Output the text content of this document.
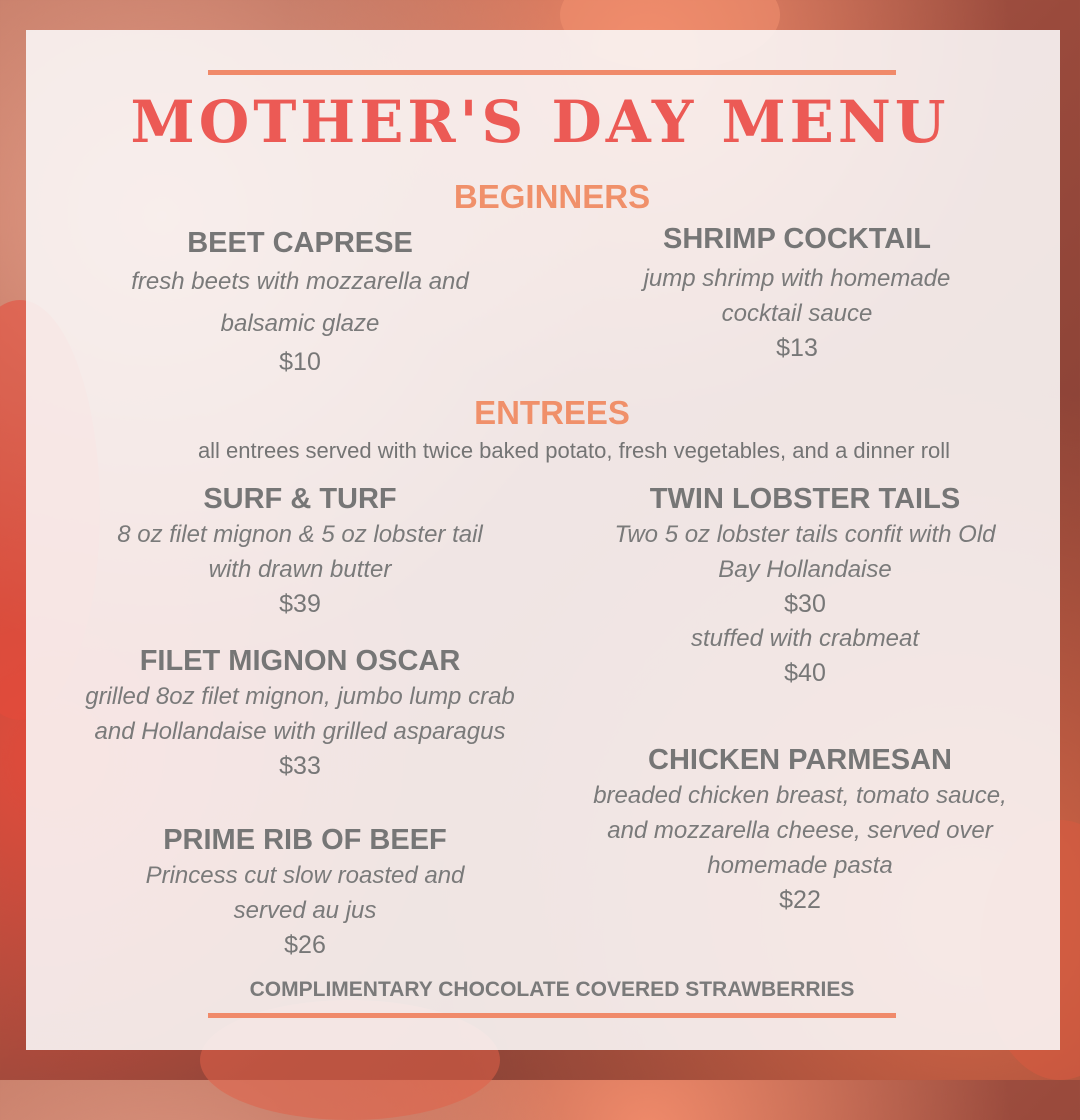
MOTHER'S DAY MENU
BEGINNERS
BEET CAPRESE
fresh beets with mozzarella and
balsamic glaze
$10
SHRIMP COCKTAIL
jump shrimp with homemade
cocktail sauce
$13
ENTREES
all entrees served with twice baked potato, fresh vegetables, and a dinner roll
SURF & TURF
8 oz filet mignon & 5 oz lobster tail
with drawn butter
$39
TWIN LOBSTER TAILS
Two 5 oz lobster tails confit with Old
Bay Hollandaise
$30
stuffed with crabmeat
$40
FILET MIGNON OSCAR
grilled 8oz filet mignon, jumbo lump crab
and Hollandaise with grilled asparagus
$33	CHICKEN PARMESAN
breaded chicken breast, tomato sauce,
and mozzarella cheese, served over
homemade pasta
$22
PRIME RIB OF BEEF
Princess cut slow roasted and
served au jus
$26
COMPLIMENTARY CHOCOLATE COVERED STRAWBERRIES
